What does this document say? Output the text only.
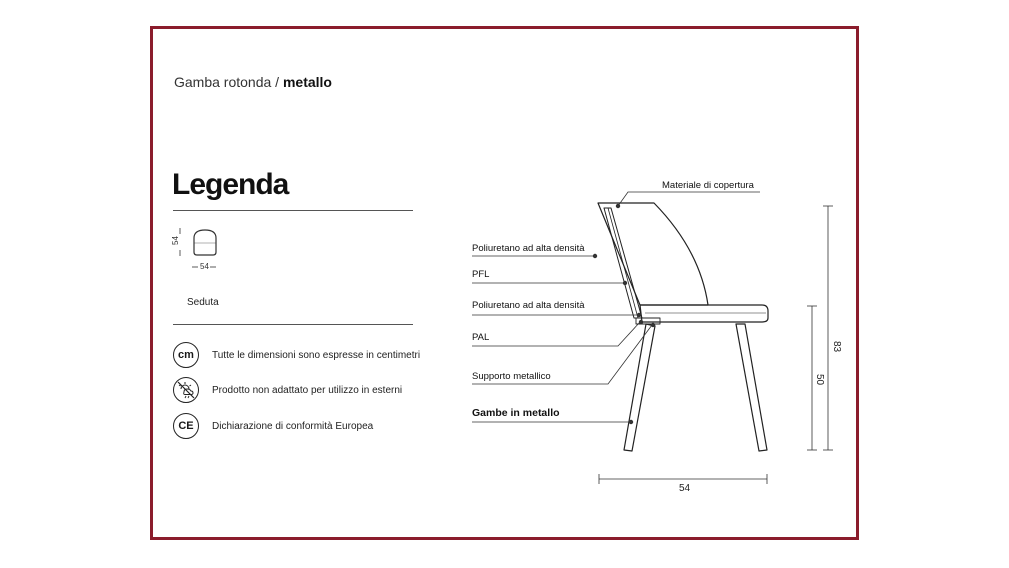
Gamba rotonda / metallo
Legenda
54
54
Seduta
cm	Tutte le dimensioni sono espresse in centimetri
Prodotto non adattato per utilizzo in esterni
CE	Dichiarazione di conformità Europea
Materiale di copertura
Poliuretano ad alta densità
PFL
Poliuretano ad alta densità
PAL
Supporto metallico
Gambe in metallo
83
50
54
